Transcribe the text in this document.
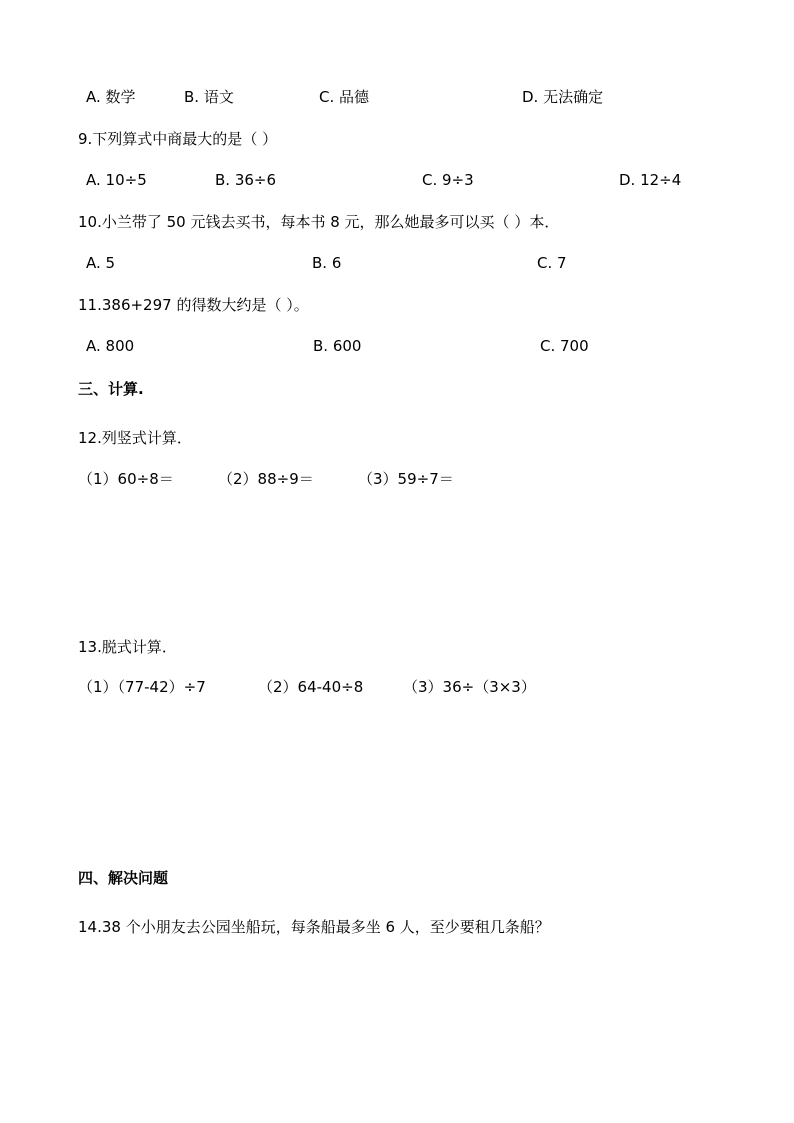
A. 数学	B. 语文	C. 品德	D. 无法确定
9.下列算式中商最大的是（ ）
A. 10÷5	B. 36÷6	C. 9÷3	D. 12÷4
10.小兰带了 50 元钱去买书，每本书 8 元，那么她最多可以买（ ）本．
A. 5	B. 6	C. 7
11.386+297 的得数大约是（ ）。
A. 800	B. 600	C. 700
三、计算.
12.列竖式计算．
（1）60÷8＝	（2）88÷9＝	（3）59÷7＝
13.脱式计算．
（1）（77-42）÷7	（2）64-40÷8	（3）36÷（3×3）
四、解决问题
14.38 个小朋友去公园坐船玩，每条船最多坐 6 人，至少要租几条船？
